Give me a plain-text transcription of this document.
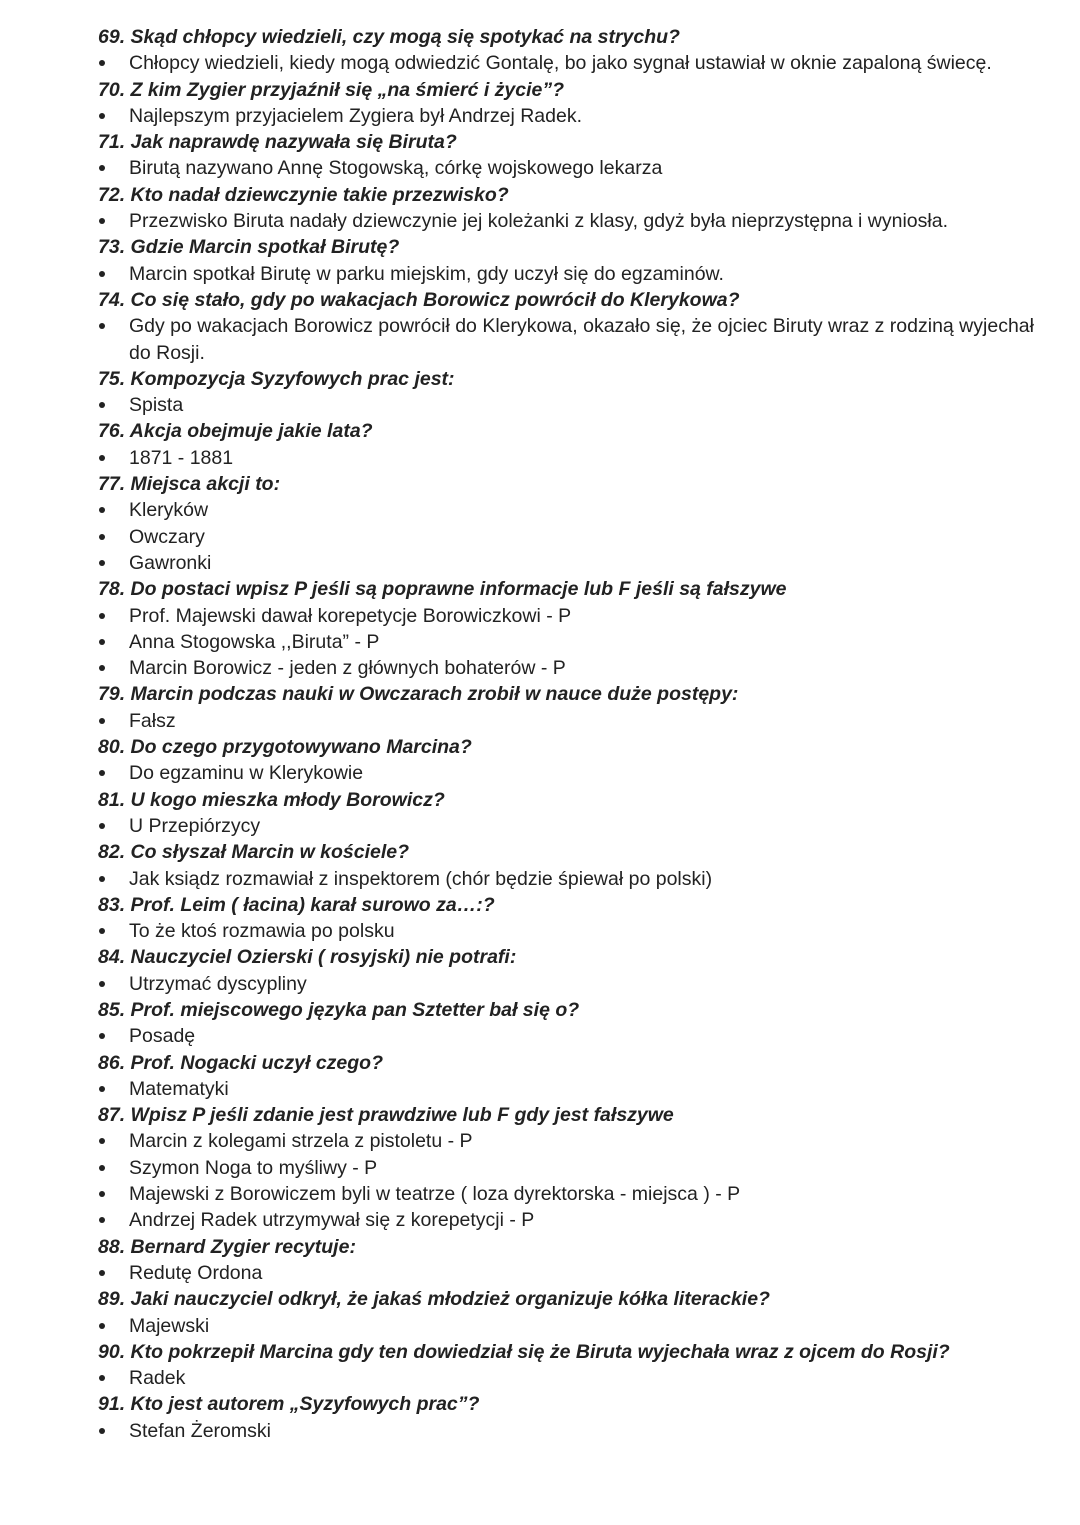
69. Skąd chłopcy wiedzieli, czy mogą się spotykać na strychu?
Chłopcy wiedzieli, kiedy mogą odwiedzić Gontalę, bo jako sygnał ustawiał w oknie zapaloną świecę.
70. Z kim Zygier przyjaźnił się „na śmierć i życie”?
Najlepszym przyjacielem Zygiera był Andrzej Radek.
71. Jak naprawdę nazywała się Biruta?
Birutą nazywano Annę Stogowską, córkę wojskowego lekarza
72. Kto nadał dziewczynie takie przezwisko?
Przezwisko Biruta nadały dziewczynie jej koleżanki z klasy, gdyż była nieprzystępna i wyniosła.
73. Gdzie Marcin spotkał Birutę?
Marcin spotkał Birutę w parku miejskim, gdy uczył się do egzaminów.
74. Co się stało, gdy po wakacjach Borowicz powrócił do Klerykowa?
Gdy po wakacjach Borowicz powrócił do Klerykowa, okazało się, że ojciec Biruty wraz z rodziną wyjechał do Rosji.
75. Kompozycja Syzyfowych prac jest:
Spista
76. Akcja obejmuje jakie lata?
1871 - 1881
77. Miejsca akcji to:
Kleryków
Owczary
Gawronki
78. Do postaci wpisz P jeśli są poprawne informacje lub F jeśli są fałszywe
Prof. Majewski dawał korepetycje Borowiczkowi - P
Anna Stogowska ,,Biruta” - P
Marcin Borowicz - jeden z głównych bohaterów - P
79. Marcin podczas nauki w Owczarach zrobił w nauce duże postępy:
Fałsz
80. Do czego przygotowywano Marcina?
Do egzaminu w Klerykowie
81. U kogo mieszka młody Borowicz?
U Przepiórzycy
82. Co słyszał Marcin w kościele?
Jak ksiądz rozmawiał z inspektorem (chór będzie śpiewał po polski)
83. Prof. Leim ( łacina) karał surowo za…:?
To że ktoś rozmawia po polsku
84. Nauczyciel Ozierski ( rosyjski) nie potrafi:
Utrzymać dyscypliny
85. Prof. miejscowego języka pan Sztetter bał się o?
Posadę
86. Prof. Nogacki uczył czego?
Matematyki
87. Wpisz P jeśli zdanie jest prawdziwe lub F gdy jest fałszywe
Marcin z kolegami strzela z pistoletu - P
Szymon Noga to myśliwy - P
Majewski z Borowiczem byli w teatrze ( loza dyrektorska - miejsca ) - P
Andrzej Radek utrzymywał się z korepetycji - P
88. Bernard Zygier recytuje:
Redutę Ordona
89. Jaki nauczyciel odkrył, że jakaś młodzież organizuje kółka literackie?
Majewski
90. Kto pokrzepił Marcina gdy ten dowiedział się że Biruta wyjechała wraz z ojcem do Rosji?
Radek
91. Kto jest autorem „Syzyfowych prac”?
Stefan Żeromski
